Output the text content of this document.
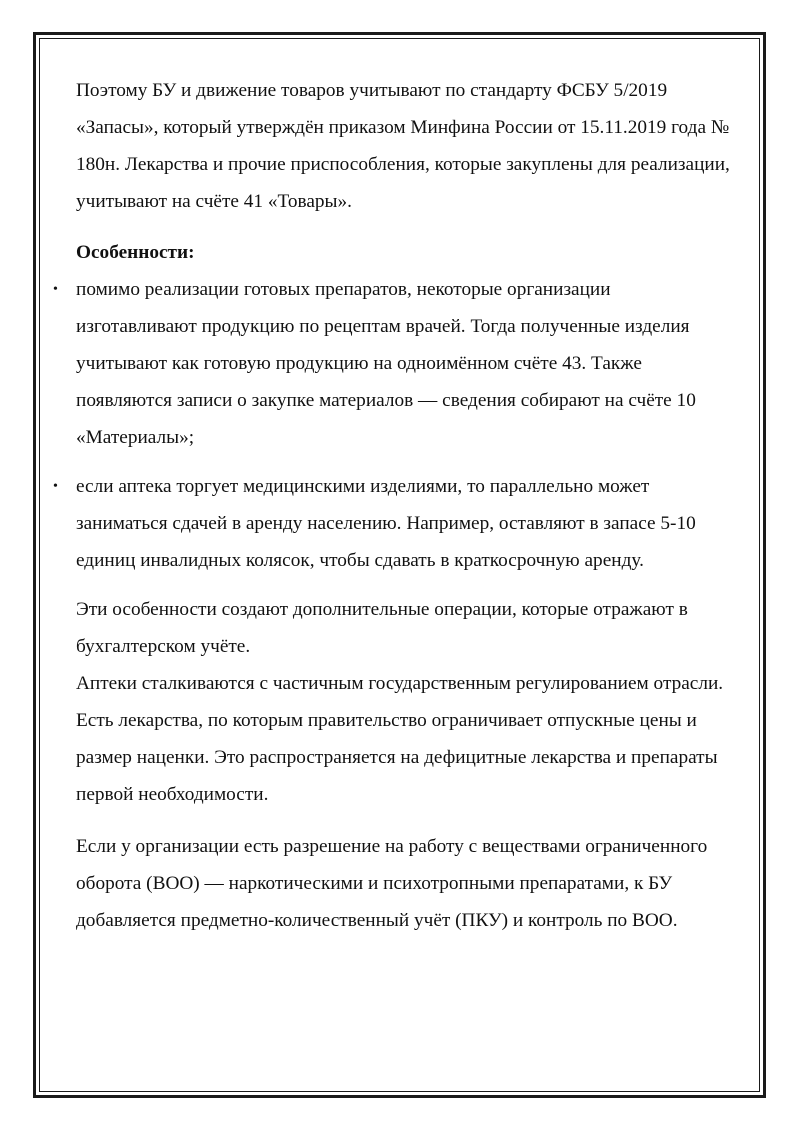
Поэтому БУ и движение товаров учитывают по стандарту ФСБУ 5/2019 «Запасы», который утверждён приказом Минфина России от 15.11.2019 года № 180н. Лекарства и прочие приспособления, которые закуплены для реализации, учитывают на счёте 41 «Товары».

Особенности:

• помимо реализации готовых препаратов, некоторые организации изготавливают продукцию по рецептам врачей. Тогда полученные изделия учитывают как готовую продукцию на одноимённом счёте 43. Также появляются записи о закупке материалов — сведения собирают на счёте 10 «Материалы»;
• если аптека торгует медицинскими изделиями, то параллельно может заниматься сдачей в аренду населению. Например, оставляют в запасе 5-10 единиц инвалидных колясок, чтобы сдавать в краткосрочную аренду.

Эти особенности создают дополнительные операции, которые отражают в бухгалтерском учёте.

Аптеки сталкиваются с частичным государственным регулированием отрасли. Есть лекарства, по которым правительство ограничивает отпускные цены и размер наценки. Это распространяется на дефицитные лекарства и препараты первой необходимости.

Если у организации есть разрешение на работу с веществами ограниченного оборота (ВОО) — наркотическими и психотропными препаратами, к БУ добавляется предметно-количественный учёт (ПКУ) и контроль по ВОО.
